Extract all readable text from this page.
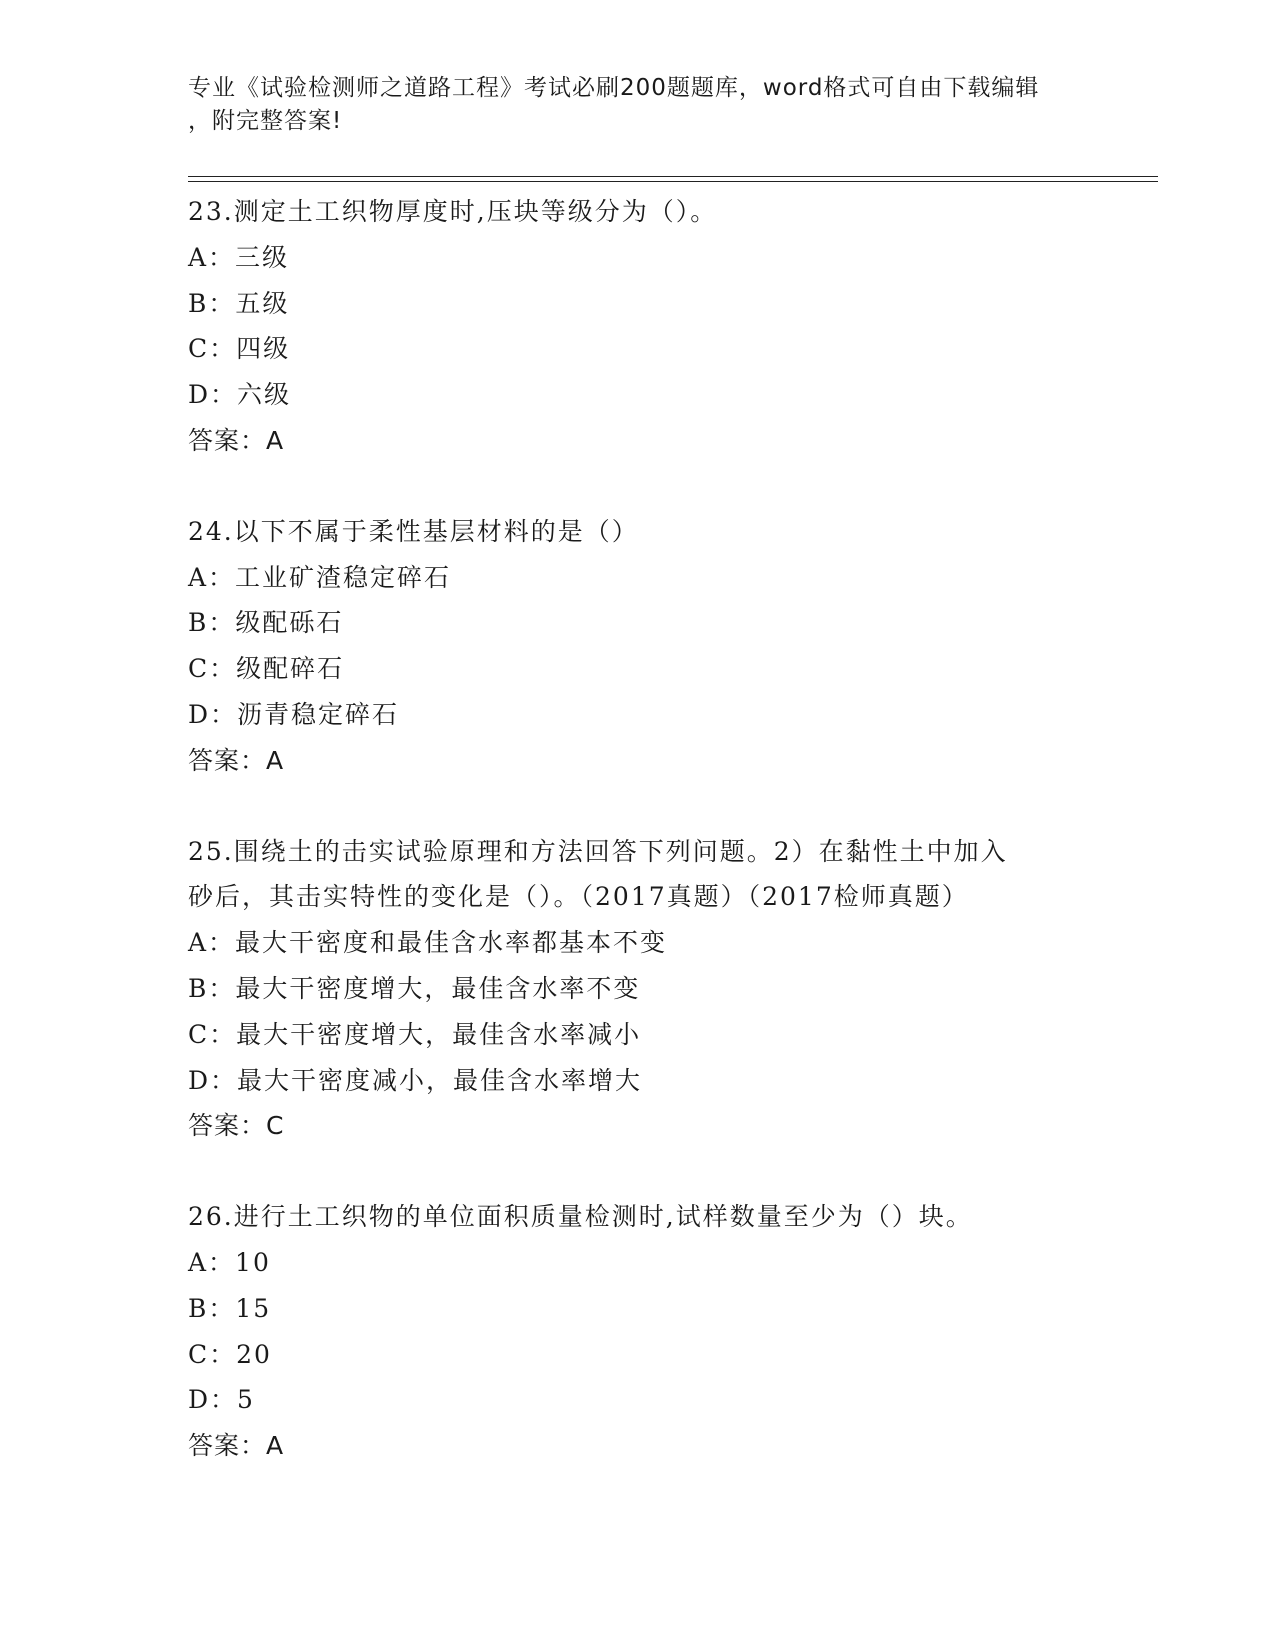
专业《试验检测师之道路工程》考试必刷200题题库，word格式可自由下载编辑
，附完整答案!
23.测定土工织物厚度时,压块等级分为（）。
A：三级
B：五级
C：四级
D：六级
答案：A
24.以下不属于柔性基层材料的是（）
A：工业矿渣稳定碎石
B：级配砾石
C：级配碎石
D：沥青稳定碎石
答案：A
25.围绕土的击实试验原理和方法回答下列问题。2）在黏性土中加入
砂后，其击实特性的变化是（）。（2017真题）（2017检师真题）
A：最大干密度和最佳含水率都基本不变
B：最大干密度增大，最佳含水率不变
C：最大干密度增大，最佳含水率减小
D：最大干密度减小，最佳含水率增大
答案：C
26.进行土工织物的单位面积质量检测时,试样数量至少为（）块。
A：10
B：15
C：20
D：5
答案：A
